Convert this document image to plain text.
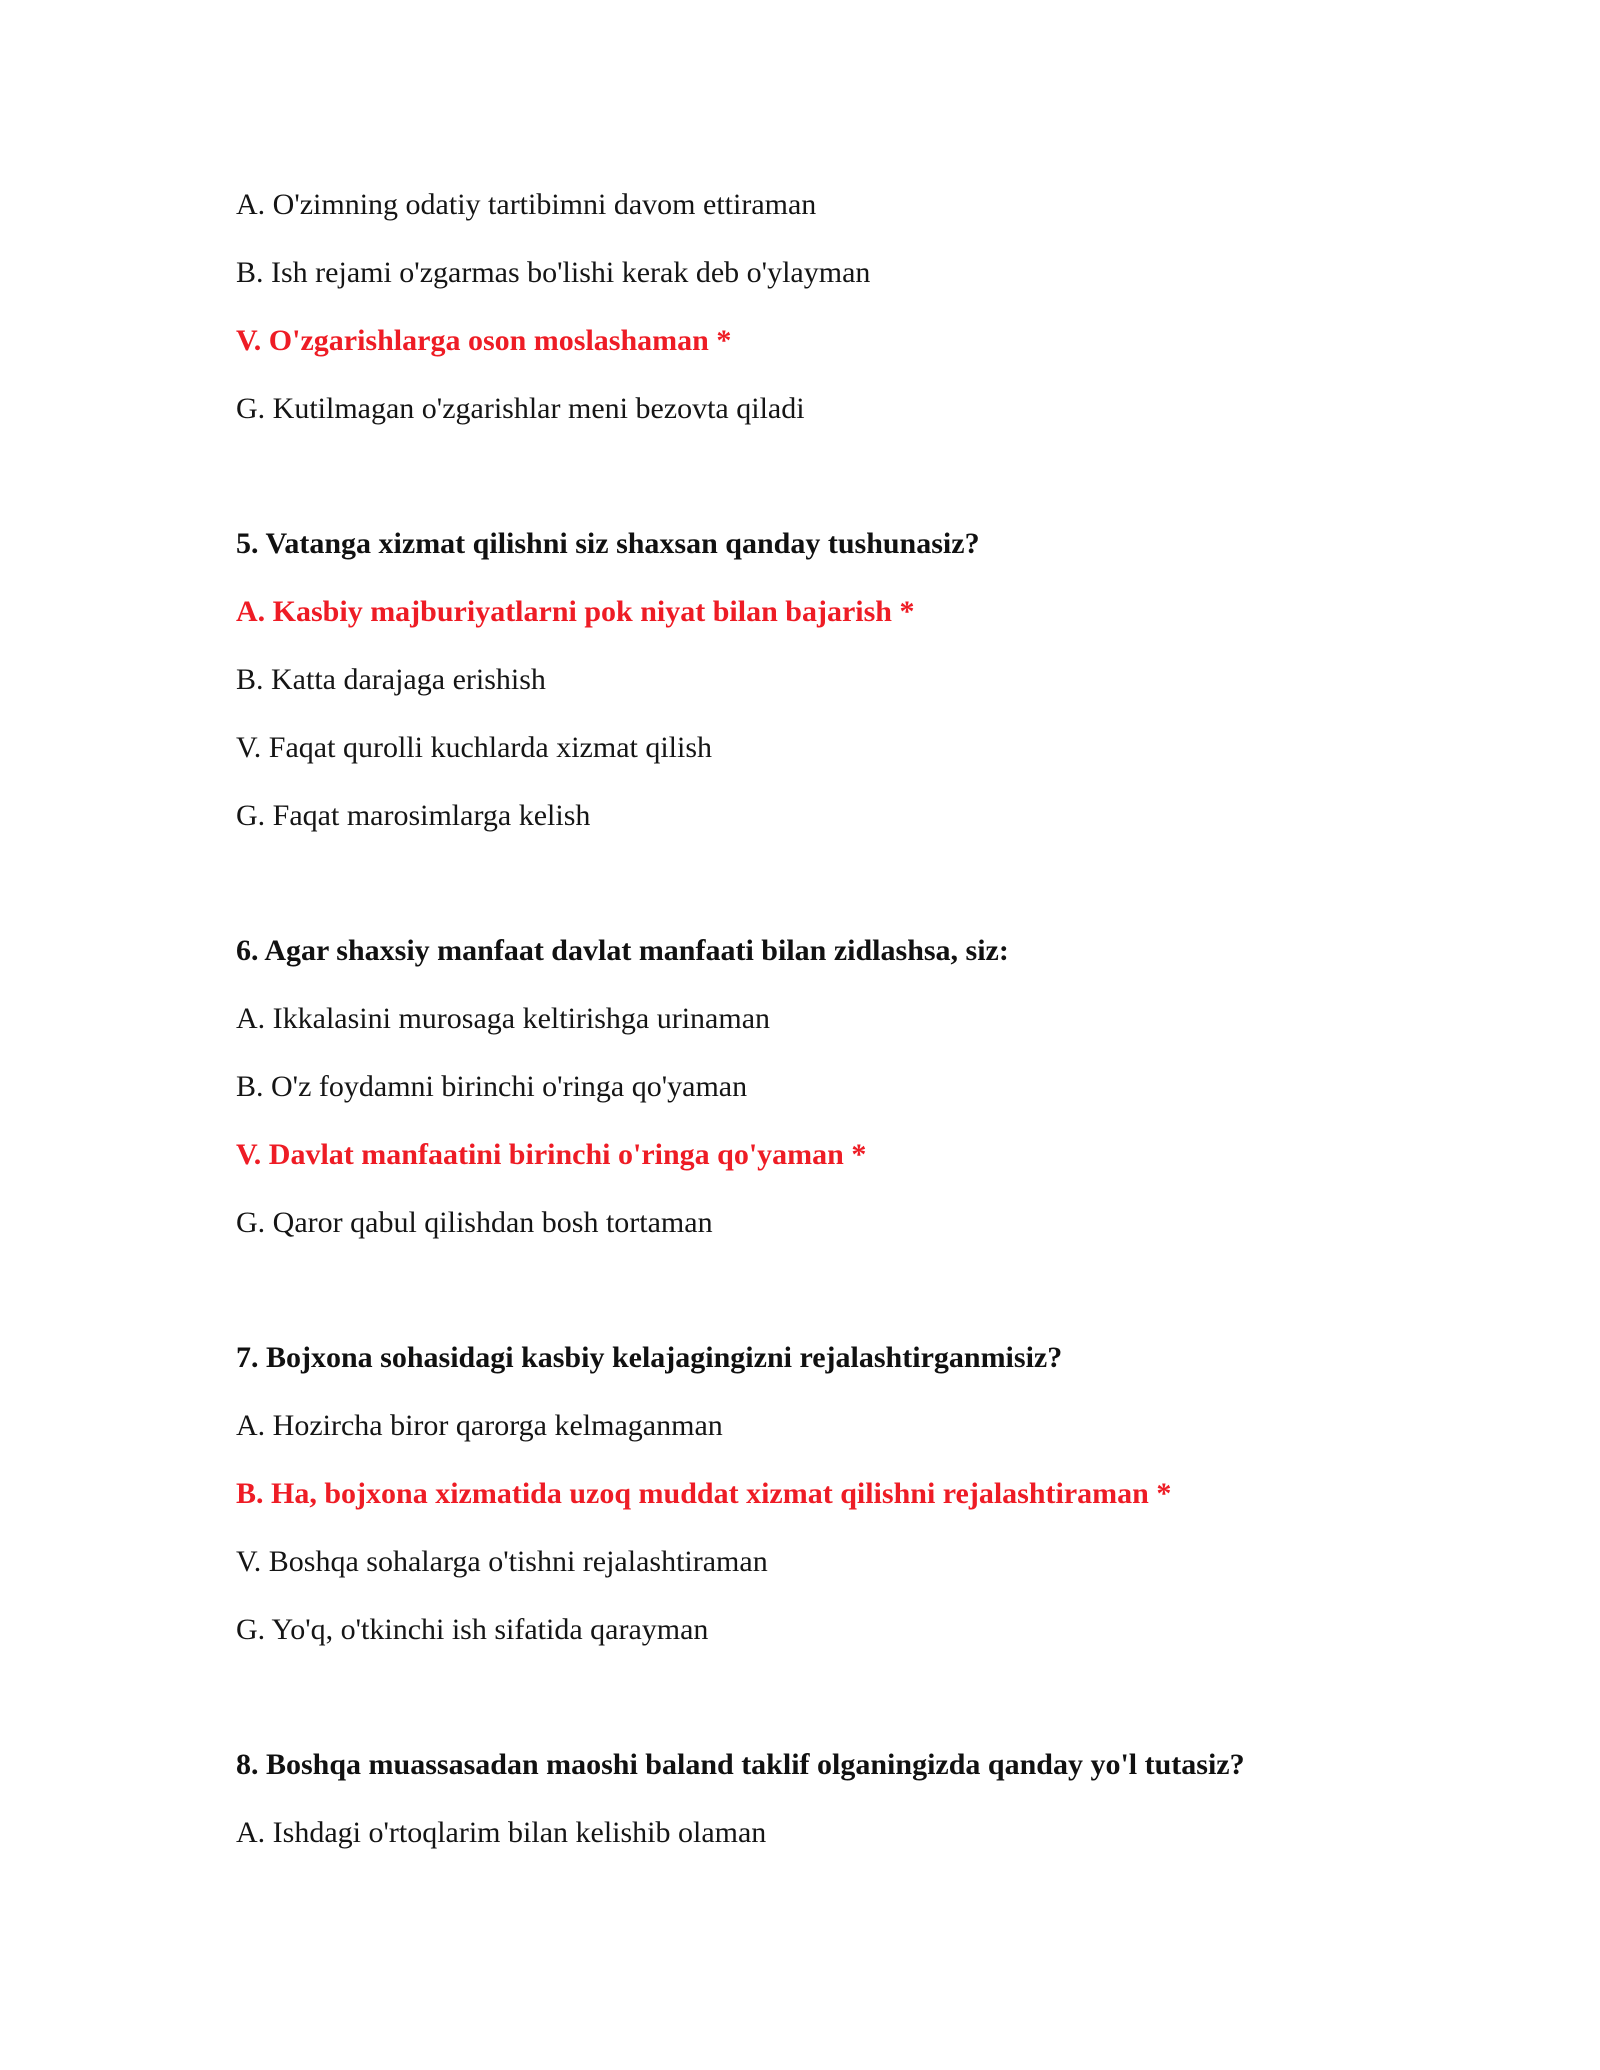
A. O'zimning odatiy tartibimni davom ettiraman
B. Ish rejami o'zgarmas bo'lishi kerak deb o'ylayman
V. O'zgarishlarga oson moslashaman *
G. Kutilmagan o'zgarishlar meni bezovta qiladi
5. Vatanga xizmat qilishni siz shaxsan qanday tushunasiz?
A. Kasbiy majburiyatlarni pok niyat bilan bajarish *
B. Katta darajaga erishish
V. Faqat qurolli kuchlarda xizmat qilish
G. Faqat marosimlarga kelish
6. Agar shaxsiy manfaat davlat manfaati bilan zidlashsa, siz:
A. Ikkalasini murosaga keltirishga urinaman
B. O'z foydamni birinchi o'ringa qo'yaman
V. Davlat manfaatini birinchi o'ringa qo'yaman *
G. Qaror qabul qilishdan bosh tortaman
7. Bojxona sohasidagi kasbiy kelajagingizni rejalashtirganmisiz?
A. Hozircha biror qarorga kelmaganman
B. Ha, bojxona xizmatida uzoq muddat xizmat qilishni rejalashtiraman *
V. Boshqa sohalarga o'tishni rejalashtiraman
G. Yo'q, o'tkinchi ish sifatida qarayman
8. Boshqa muassasadan maoshi baland taklif olganingizda qanday yo'l tutasiz?
A. Ishdagi o'rtoqlarim bilan kelishib olaman
